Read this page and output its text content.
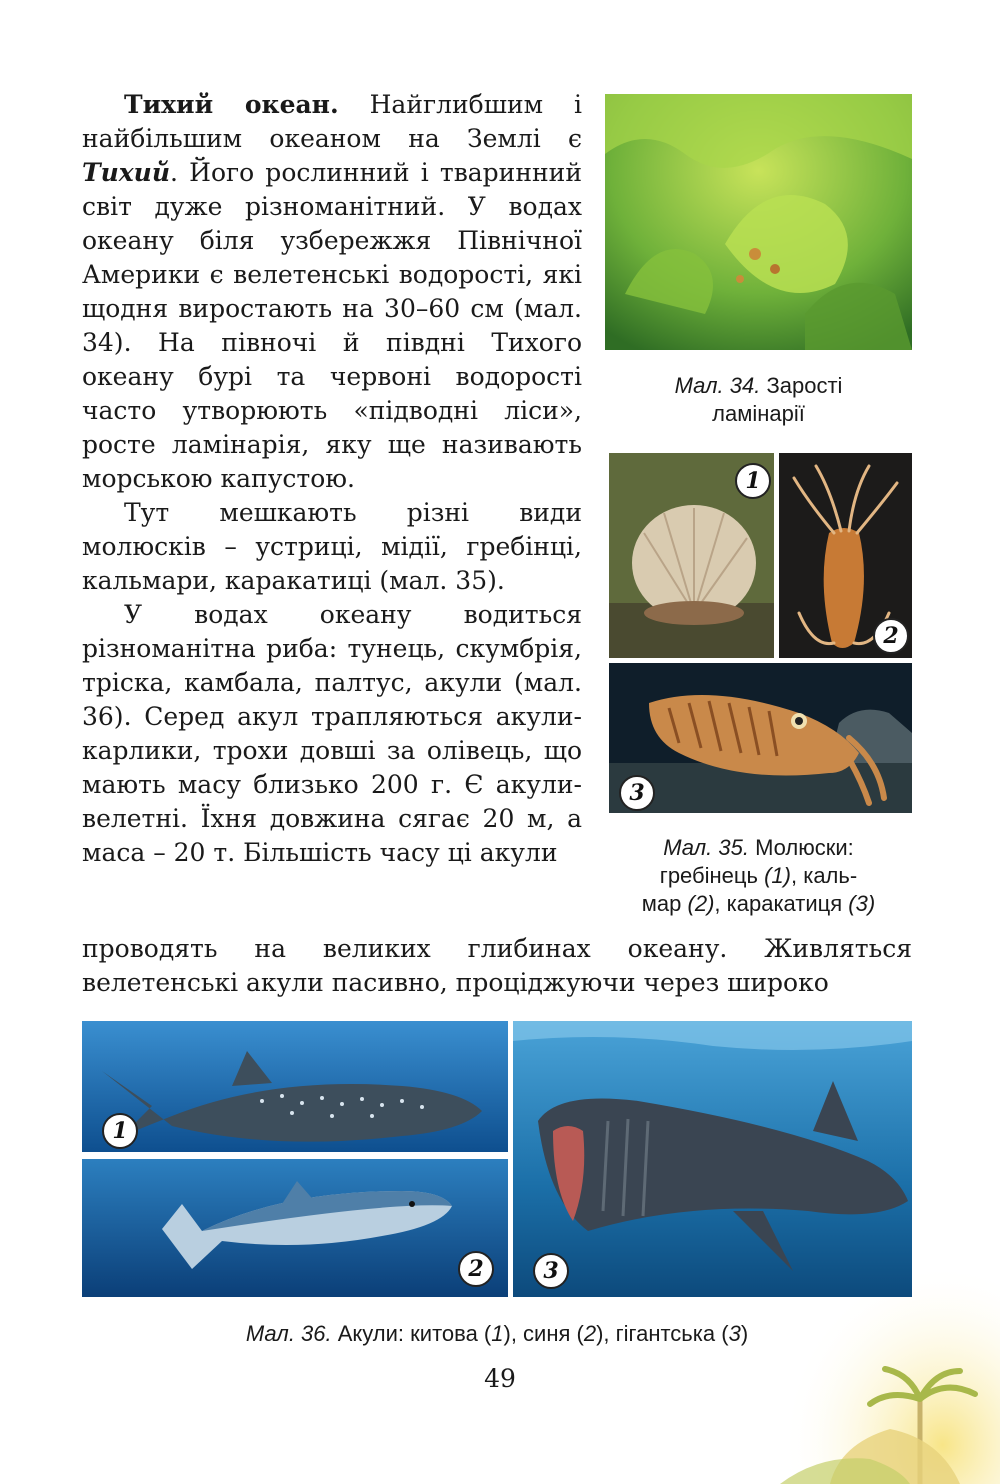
Тихий океан. Найглибшим і найбільшим океаном на Землі є Тихий. Його рослинний і тваринний світ дуже різноманітний. У водах океану біля узбережжя Північної Америки є велетенські водорості, які щодня виростають на 30–60 см (мал. 34). На півночі й півдні Тихого океану бурі та червоні водорості часто утворюють «підводні ліси», росте ламінарія, яку ще називають морською капустою.

Тут мешкають різні види молюсків – устриці, мідії, гребінці, кальмари, каракатиці (мал. 35).

У водах океану водиться різноманітна риба: тунець, скумбрія, тріска, камбала, палтус, акули (мал. 36). Серед акул трапляються акули-карлики, трохи довші за олівець, що мають масу близько 200 г. Є акули-велетні. Їхня довжина сягає 20 м, а маса – 20 т. Більшість часу ці акули

проводять на великих глибинах океану. Живляться велетенські акули пасивно, проціджуючи через широко

Мал. 34. Зарості
ламінарії
1
2
3
Мал. 35. Молюски:
гребінець (1), каль-
мар (2), каракатиця (3)
1
2	3
Мал. 36. Акули: китова (1), синя (2), гігантська (3)
49
